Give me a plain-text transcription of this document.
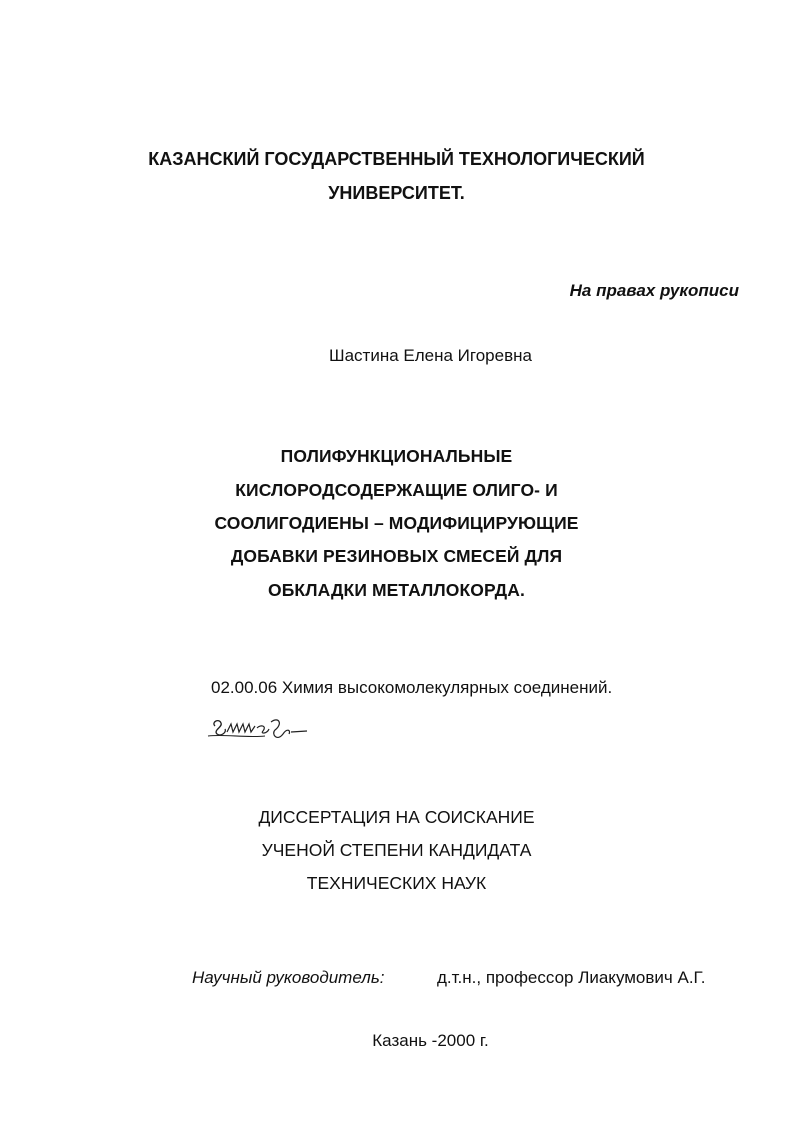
КАЗАНСКИЙ ГОСУДАРСТВЕННЫЙ ТЕХНОЛОГИЧЕСКИЙ
УНИВЕРСИТЕТ.
На правах рукописи
Шастина Елена Игоревна
ПОЛИФУНКЦИОНАЛЬНЫЕ
КИСЛОРОДСОДЕРЖАЩИЕ ОЛИГО- И
СООЛИГОДИЕНЫ – МОДИФИЦИРУЮЩИЕ
ДОБАВКИ РЕЗИНОВЫХ СМЕСЕЙ ДЛЯ
ОБКЛАДКИ МЕТАЛЛОКОРДА.
02.00.06 Химия высокомолекулярных соединений.
ДИССЕРТАЦИЯ НА СОИСКАНИЕ
УЧЕНОЙ СТЕПЕНИ КАНДИДАТА
ТЕХНИЧЕСКИХ НАУК
Научный руководитель:	д.т.н., профессор Лиакумович А.Г.
Казань -2000 г.
